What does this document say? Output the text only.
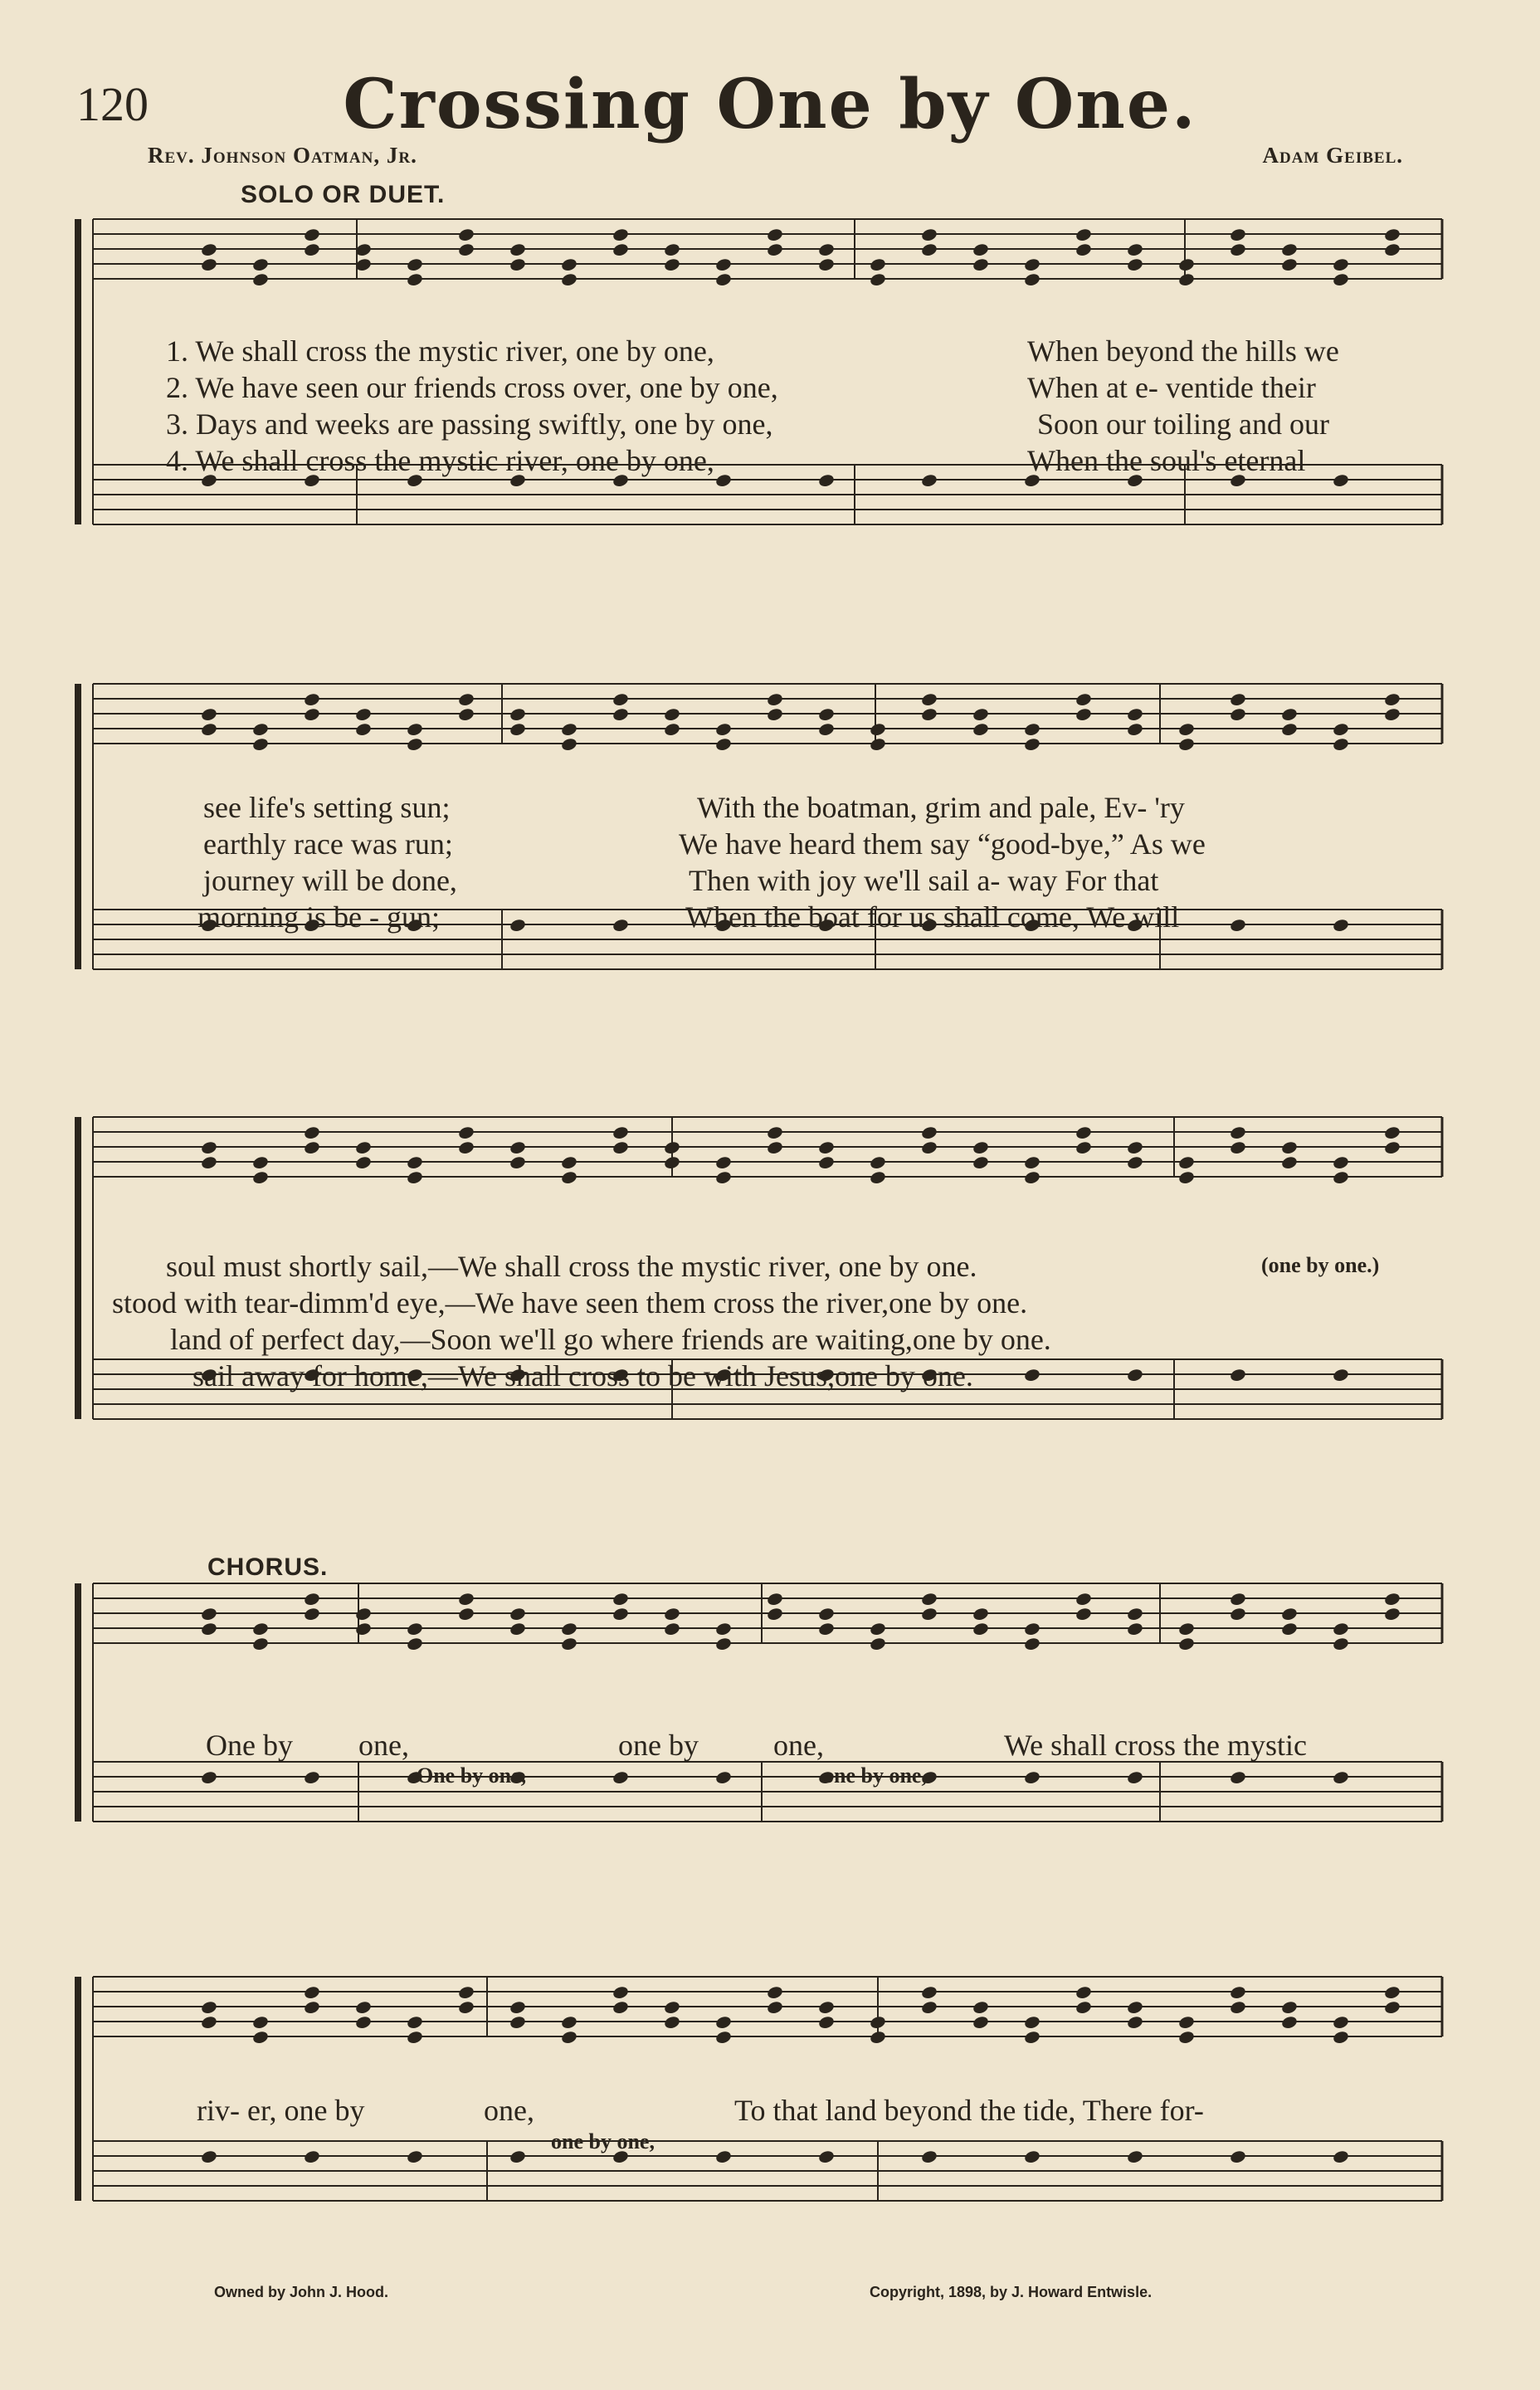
120	Crossing One by One.
Rev. Johnson Oatman, Jr.	Adam Geibel.
SOLO OR DUET.
1. We shall cross the mystic river, one by one,
2. We have seen our friends cross over, one by one,
3. Days and weeks are passing swiftly, one by one,
4. We shall cross the mystic river, one by one,
When beyond the hills we
When at e- ventide their
Soon our toiling and our
When the soul's eternal
see life's setting sun;
earthly race was run;
journey will be done,
morning is be - gun;
With the boatman, grim and pale, Ev- 'ry
We have heard them say “good-bye,” As we
Then with joy we'll sail a- way For that
When the boat for us shall come, We will
soul must shortly sail,—We shall cross the mystic river, one by one.	(one by one.)
stood with tear-dimm'd eye,—We have seen them cross the river,one by one.
land of perfect day,—Soon we'll go where friends are waiting,one by one.
sail away for home,—We shall cross to be with Jesus,one by one.
CHORUS.
One by one,	one by	one,	We shall cross the mystic
One by one,	one by one,
riv- er, one by	one,	To that land beyond the tide, There for-
one by one,
Owned by John J. Hood.	Copyright, 1898, by J. Howard Entwisle.
